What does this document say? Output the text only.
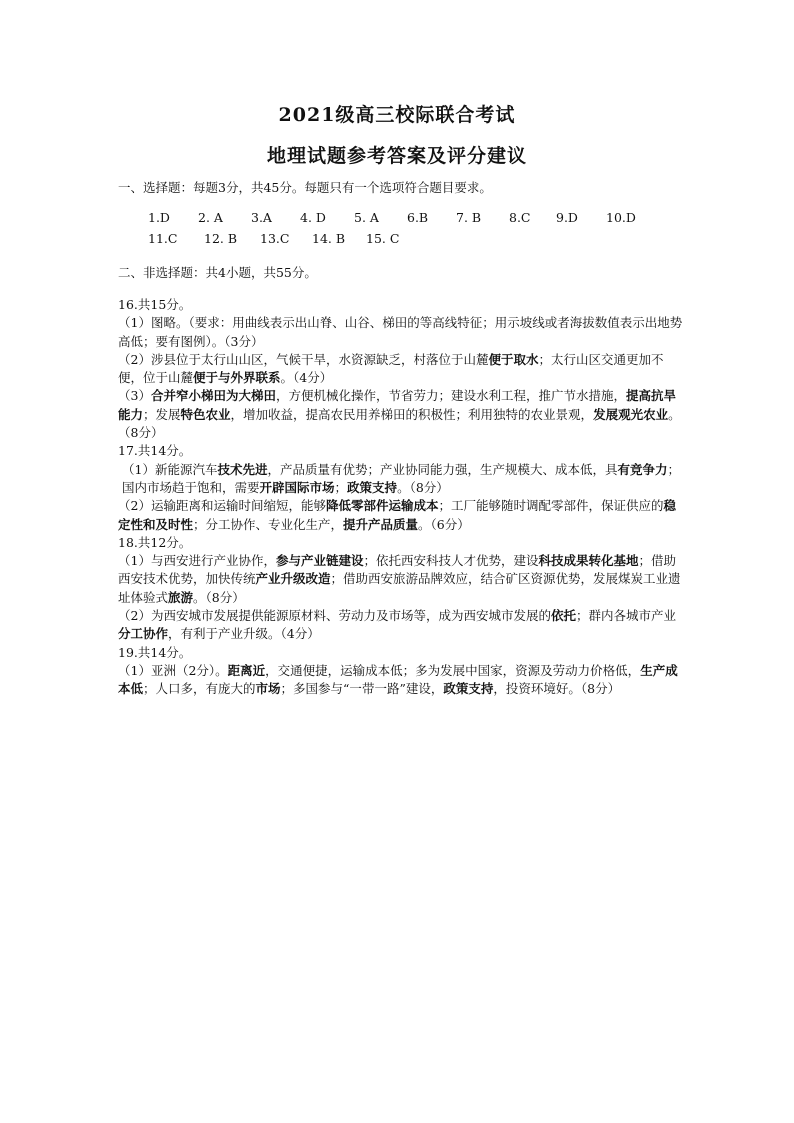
2021级高三校际联合考试
地理试题参考答案及评分建议
一、选择题：每题3分，共45分。每题只有一个选项符合题目要求。
1.D 2. A 3.A 4. D 5. A 6.B 7. B 8.C 9.D 10.D
11.C 12. B 13.C 14. B 15. C
二、非选择题：共4小题，共55分。

16.共15分。

（1）图略。（要求：用曲线表示出山脊、山谷、梯田的等高线特征；用示坡线或者海拔数值表示出地势高低；要有图例）。（3分）

（2）涉县位于太行山山区，气候干旱，水资源缺乏，村落位于山麓便于取水；太行山区交通更加不便，位于山麓便于与外界联系。（4分）

（3）合并窄小梯田为大梯田，方便机械化操作，节省劳力；建设水利工程，推广节水措施，提高抗旱能力；发展特色农业，增加收益，提高农民用养梯田的积极性；利用独特的农业景观，发展观光农业。（8分）

17.共14分。

（1）新能源汽车技术先进，产品质量有优势；产业协同能力强，生产规模大、成本低，具有竞争力；国内市场趋于饱和，需要开辟国际市场；政策支持。（8分）

（2）运输距离和运输时间缩短，能够降低零部件运输成本；工厂能够随时调配零部件，保证供应的稳定性和及时性；分工协作、专业化生产，提升产品质量。（6分）

18.共12分。

（1）与西安进行产业协作，参与产业链建设；依托西安科技人才优势，建设科技成果转化基地；借助西安技术优势，加快传统产业升级改造；借助西安旅游品牌效应，结合矿区资源优势，发展煤炭工业遗址体验式旅游。（8分）

（2）为西安城市发展提供能源原材料、劳动力及市场等，成为西安城市发展的依托；群内各城市产业分工协作，有利于产业升级。（4分）

19.共14分。

（1）亚洲（2分）。距离近，交通便捷，运输成本低；多为发展中国家，资源及劳动力价格低，生产成本低；人口多，有庞大的市场；多国参与“一带一路”建设，政策支持，投资环境好。（8分）
